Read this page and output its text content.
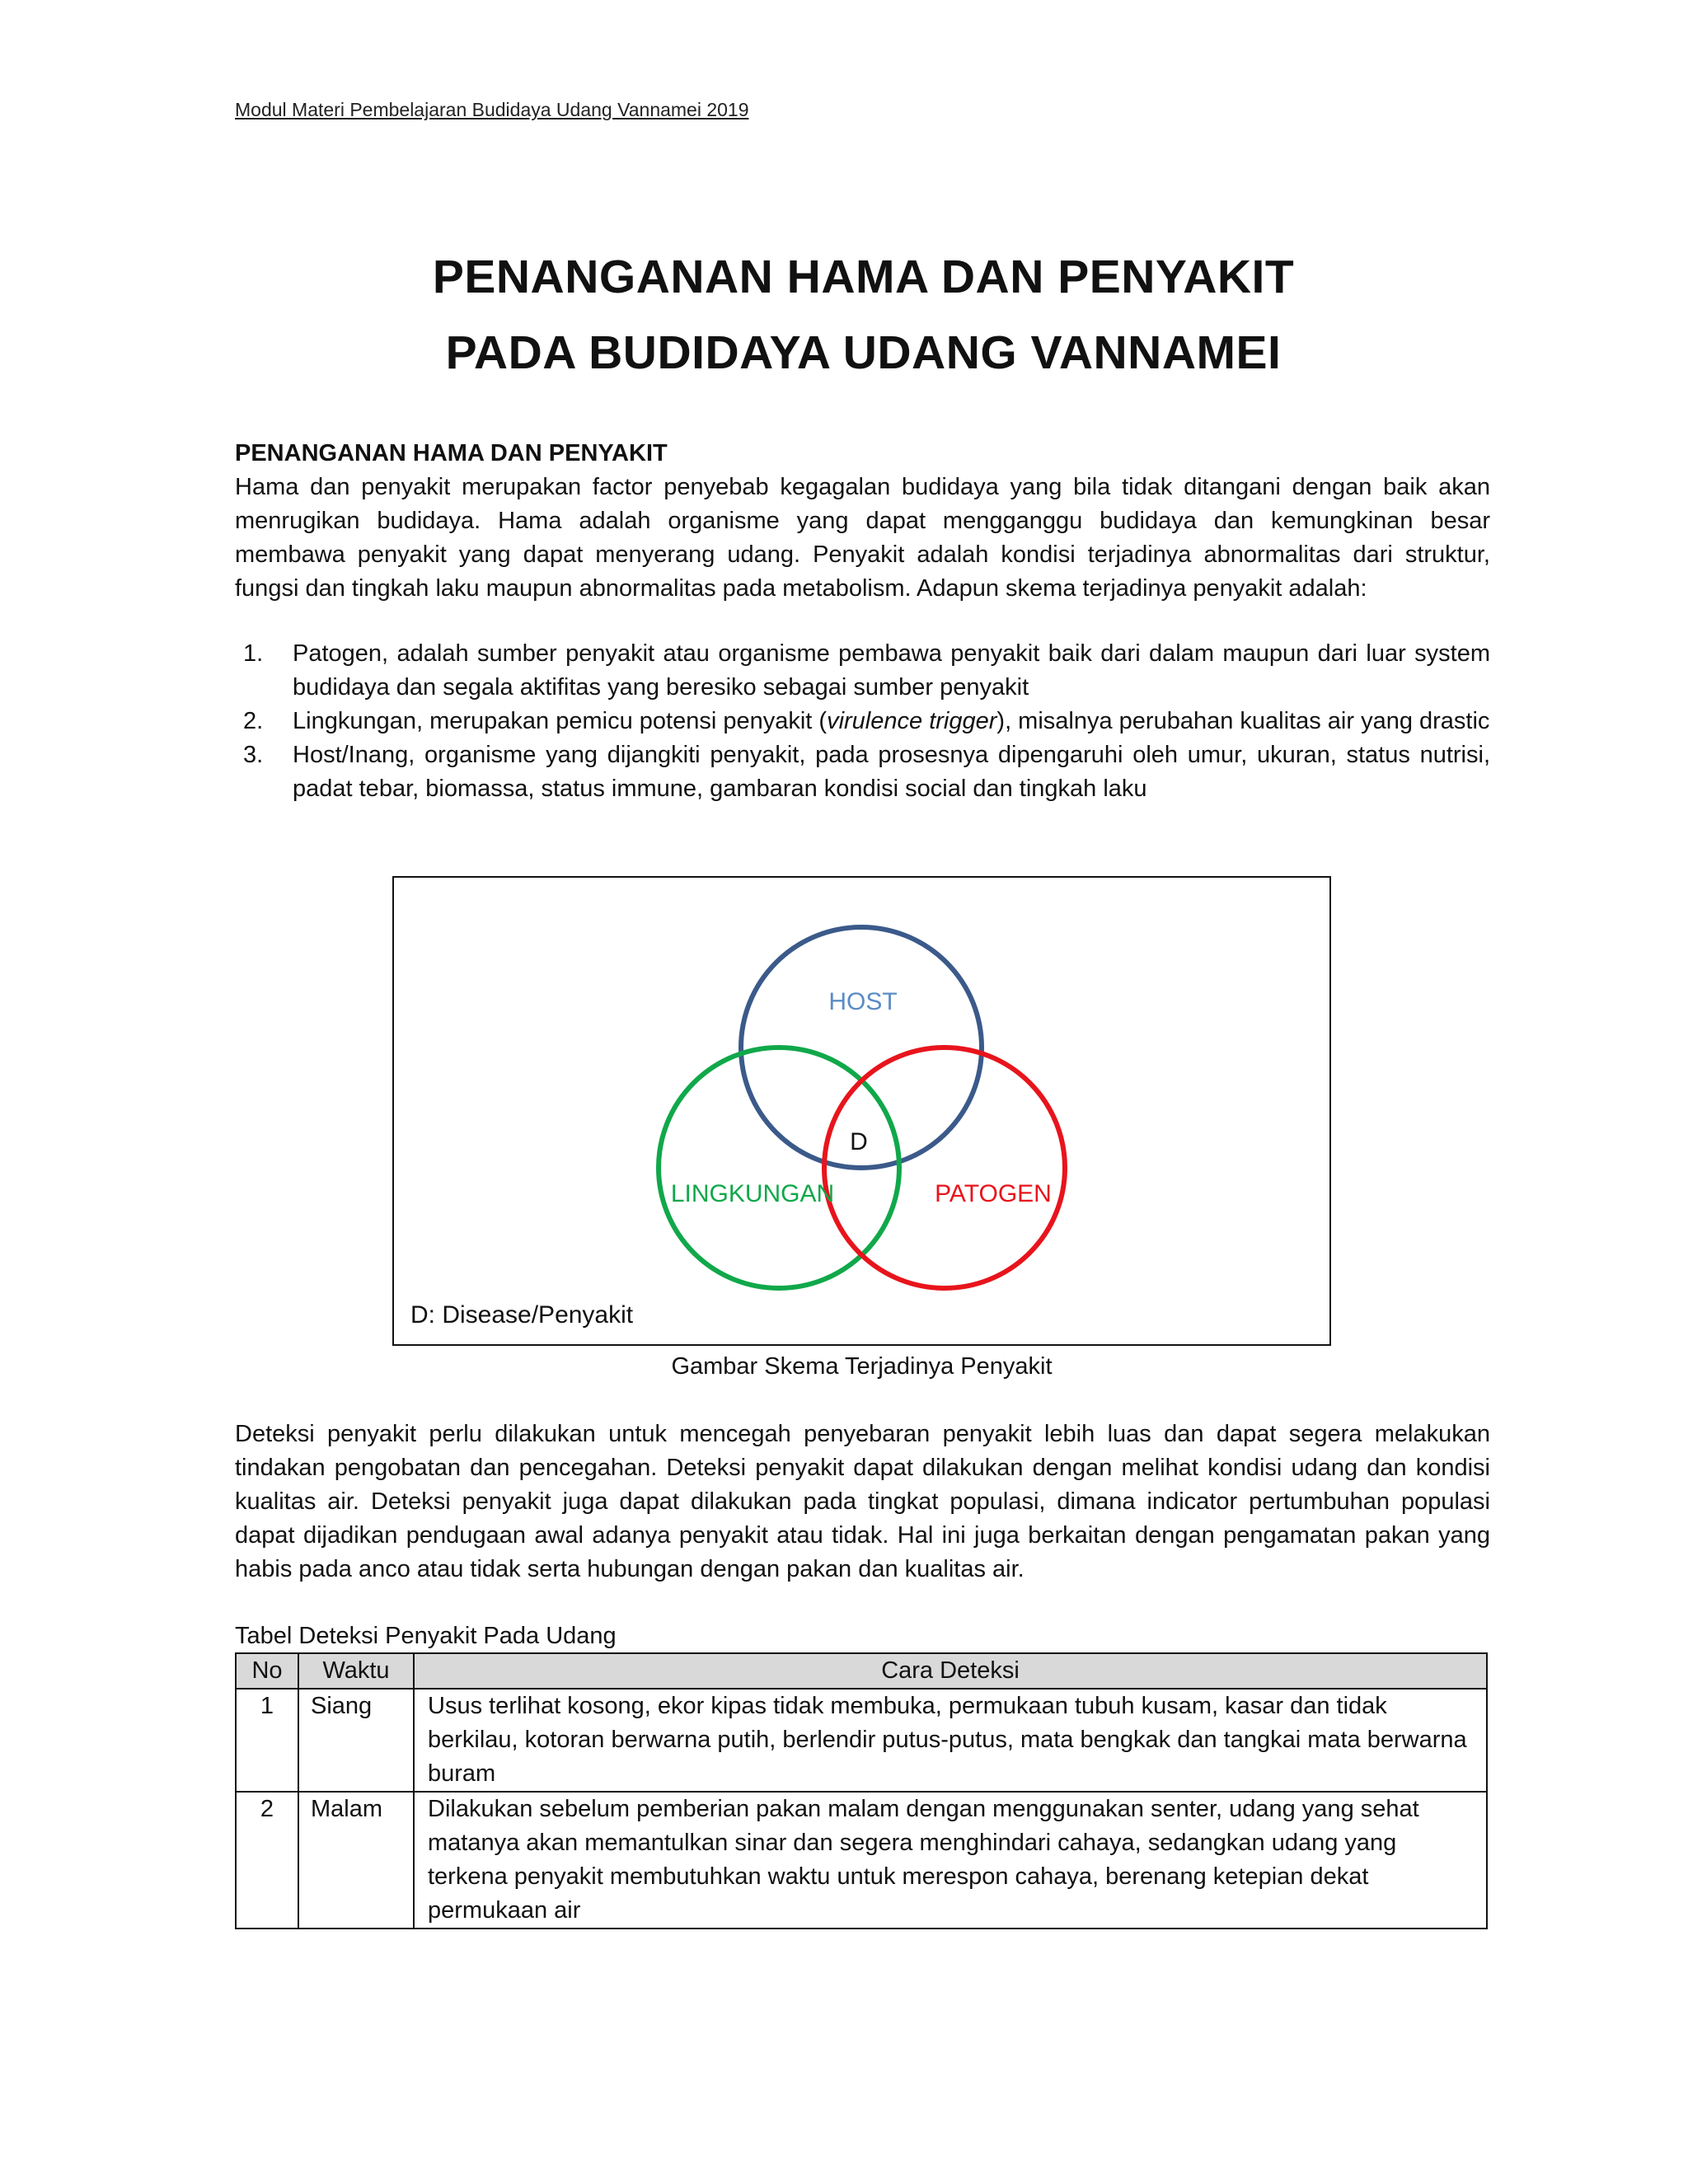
Modul Materi Pembelajaran Budidaya Udang Vannamei 2019
PENANGANAN HAMA DAN PENYAKIT
PADA BUDIDAYA UDANG VANNAMEI
PENANGANAN HAMA DAN PENYAKIT
Hama dan penyakit merupakan factor penyebab kegagalan budidaya yang bila tidak ditangani dengan baik akan menrugikan budidaya. Hama adalah organisme yang dapat mengganggu budidaya dan kemungkinan besar membawa penyakit yang dapat menyerang udang. Penyakit adalah kondisi terjadinya abnormalitas dari struktur, fungsi dan tingkah laku maupun abnormalitas pada metabolism. Adapun skema terjadinya penyakit adalah:
1. Patogen, adalah sumber penyakit atau organisme pembawa penyakit baik dari dalam maupun dari luar system budidaya dan segala aktifitas yang beresiko sebagai sumber penyakit
2. Lingkungan, merupakan pemicu potensi penyakit (virulence trigger), misalnya perubahan kualitas air yang drastic
3. Host/Inang, organisme yang dijangkiti penyakit, pada prosesnya dipengaruhi oleh umur, ukuran, status nutrisi, padat tebar, biomassa, status immune, gambaran kondisi social dan tingkah laku
HOST
D
LINGKUNGAN	PATOGEN
D: Disease/Penyakit
Gambar Skema Terjadinya Penyakit
Deteksi penyakit perlu dilakukan untuk mencegah penyebaran penyakit lebih luas dan dapat segera melakukan tindakan pengobatan dan pencegahan. Deteksi penyakit dapat dilakukan dengan melihat kondisi udang dan kondisi kualitas air. Deteksi penyakit juga dapat dilakukan pada tingkat populasi, dimana indicator pertumbuhan populasi dapat dijadikan pendugaan awal adanya penyakit atau tidak. Hal ini juga berkaitan dengan pengamatan pakan yang habis pada anco atau tidak serta hubungan dengan pakan dan kualitas air.
Tabel Deteksi Penyakit Pada Udang
No	Waktu	Cara Deteksi
1	Siang	Usus terlihat kosong, ekor kipas tidak membuka, permukaan tubuh kusam, kasar dan tidak berkilau, kotoran berwarna putih, berlendir putus-putus, mata bengkak dan tangkai mata berwarna buram
2	Malam	Dilakukan sebelum pemberian pakan malam dengan menggunakan senter, udang yang sehat matanya akan memantulkan sinar dan segera menghindari cahaya, sedangkan udang yang terkena penyakit membutuhkan waktu untuk merespon cahaya, berenang ketepian dekat permukaan air
